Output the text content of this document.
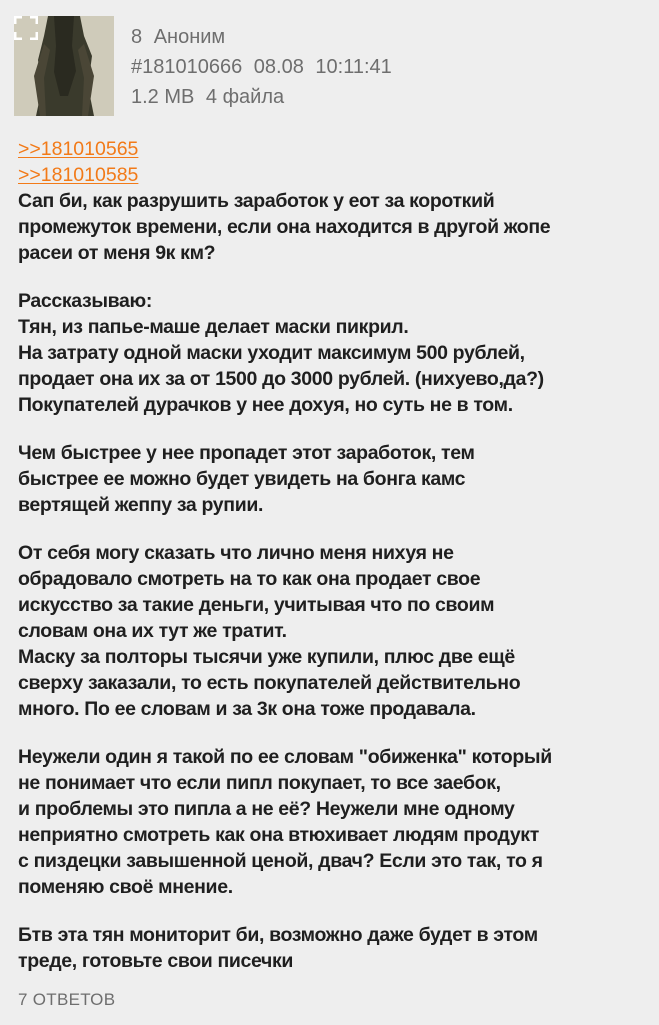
8 Аноним
#181010666 08.08 10:11:41
1.2 MB 4 файла
>>181010565
>>181010585
Сап би, как разрушить заработок у еот за короткий
промежуток времени, если она находится в другой жопе
расеи от меня 9к км?
Рассказываю:
Тян, из папье-маше делает маски пикрил.
На затрату одной маски уходит максимум 500 рублей,
продает она их за от 1500 до 3000 рублей. (нихуево,да?)
Покупателей дурачков у нее дохуя, но суть не в том.
Чем быстрее у нее пропадет этот заработок, тем
быстрее ее можно будет увидеть на бонга камс
вертящей жеппу за рупии.
От себя могу сказать что лично меня нихуя не
обрадовало смотреть на то как она продает свое
искусство за такие деньги, учитывая что по своим
словам она их тут же тратит.
Маску за полторы тысячи уже купили, плюс две ещё
сверху заказали, то есть покупателей действительно
много. По ее словам и за 3к она тоже продавала.
Неужели один я такой по ее словам "обиженка" который
не понимает что если пипл покупает, то все заебок,
и проблемы это пипла а не её? Неужели мне одному
неприятно смотреть как она втюхивает людям продукт
с пиздецки завышенной ценой, двач? Если это так, то я
поменяю своё мнение.
Бтв эта тян мониторит би, возможно даже будет в этом
треде, готовьте свои писечки
7 ОТВЕТОВ
